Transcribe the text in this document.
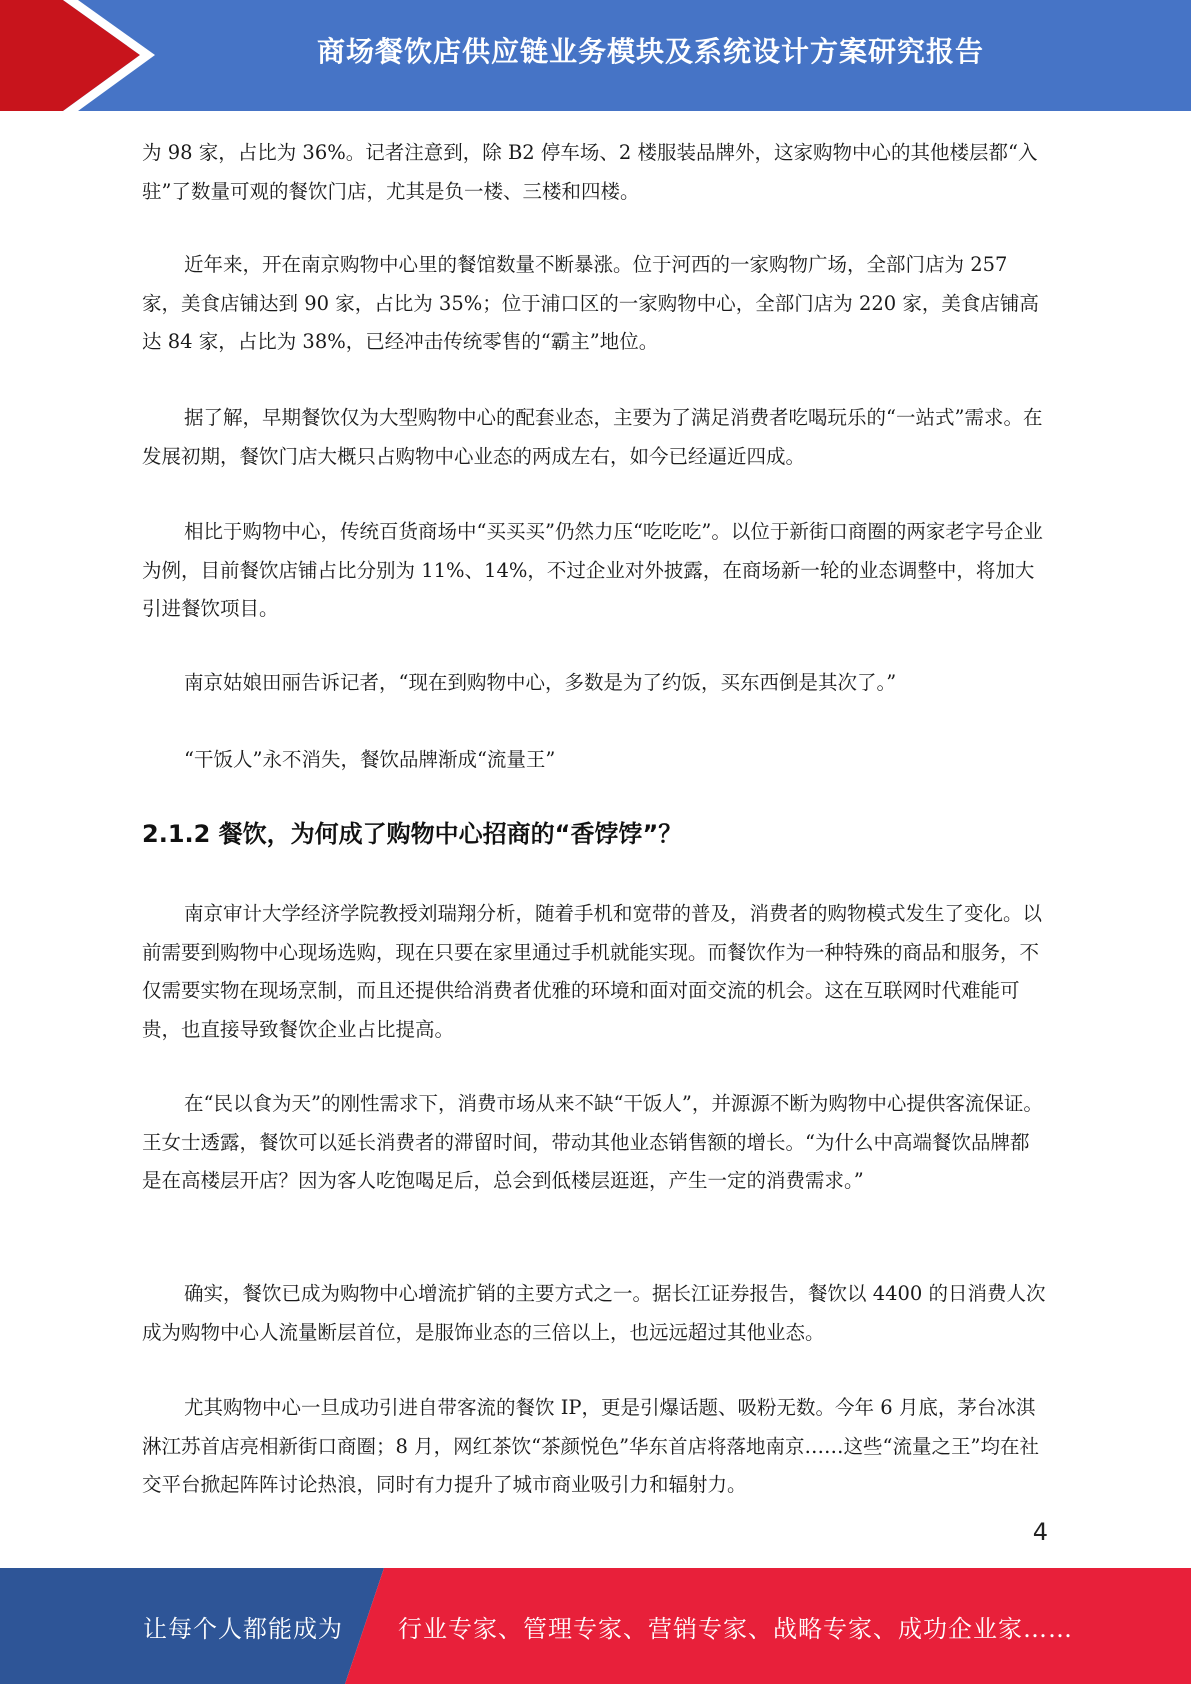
商场餐饮店供应链业务模块及系统设计方案研究报告

为 98 家，占比为 36%。记者注意到，除 B2 停车场、2 楼服装品牌外，这家购物中心的其他楼层都“入驻”了数量可观的餐饮门店，尤其是负一楼、三楼和四楼。

近年来，开在南京购物中心里的餐馆数量不断暴涨。位于河西的一家购物广场，全部门店为 257 家，美食店铺达到 90 家，占比为 35%；位于浦口区的一家购物中心，全部门店为 220 家，美食店铺高达 84 家，占比为 38%，已经冲击传统零售的“霸主”地位。

据了解，早期餐饮仅为大型购物中心的配套业态，主要为了满足消费者吃喝玩乐的“一站式”需求。在发展初期，餐饮门店大概只占购物中心业态的两成左右，如今已经逼近四成。

相比于购物中心，传统百货商场中“买买买”仍然力压“吃吃吃”。以位于新街口商圈的两家老字号企业为例，目前餐饮店铺占比分别为 11%、14%，不过企业对外披露，在商场新一轮的业态调整中，将加大引进餐饮项目。

南京姑娘田丽告诉记者，“现在到购物中心，多数是为了约饭，买东西倒是其次了。”

“干饭人”永不消失，餐饮品牌渐成“流量王”

2.1.2 餐饮，为何成了购物中心招商的“香饽饽”？

南京审计大学经济学院教授刘瑞翔分析，随着手机和宽带的普及，消费者的购物模式发生了变化。以前需要到购物中心现场选购，现在只要在家里通过手机就能实现。而餐饮作为一种特殊的商品和服务，不仅需要实物在现场烹制，而且还提供给消费者优雅的环境和面对面交流的机会。这在互联网时代难能可贵，也直接导致餐饮企业占比提高。

在“民以食为天”的刚性需求下，消费市场从来不缺“干饭人”，并源源不断为购物中心提供客流保证。王女士透露，餐饮可以延长消费者的滞留时间，带动其他业态销售额的增长。“为什么中高端餐饮品牌都是在高楼层开店？因为客人吃饱喝足后，总会到低楼层逛逛，产生一定的消费需求。”

确实，餐饮已成为购物中心增流扩销的主要方式之一。据长江证券报告，餐饮以 4400 的日消费人次成为购物中心人流量断层首位，是服饰业态的三倍以上，也远远超过其他业态。

尤其购物中心一旦成功引进自带客流的餐饮 IP，更是引爆话题、吸粉无数。今年 6 月底，茅台冰淇淋江苏首店亮相新街口商圈；8 月，网红茶饮“茶颜悦色”华东首店将落地南京……这些“流量之王”均在社交平台掀起阵阵讨论热浪，同时有力提升了城市商业吸引力和辐射力。

4
让每个人都能成为 行业专家、管理专家、营销专家、战略专家、成功企业家……
